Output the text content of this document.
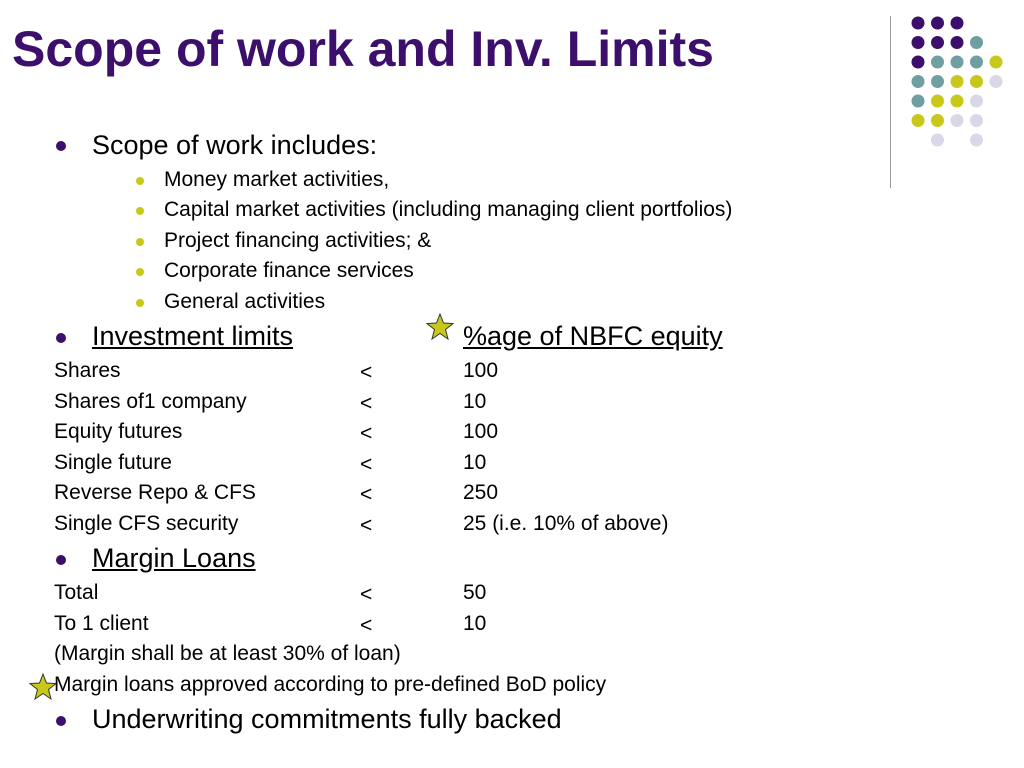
Scope of work and Inv. Limits
Scope of work includes:
Money market activities,
Capital market activities (including managing client portfolios)
Project financing activities; &
Corporate finance services
General activities
Investment limits	%age of NBFC equity
Shares	<	100
Shares of1 company	<	10
Equity futures	<	100
Single future	<	10
Reverse Repo & CFS	<	250
Single CFS security	<	25 (i.e. 10% of above)
Margin Loans
Total	<	50
To 1 client	<	10
(Margin shall be at least 30% of loan)
Margin loans approved according to pre-defined BoD policy
Underwriting commitments fully backed
